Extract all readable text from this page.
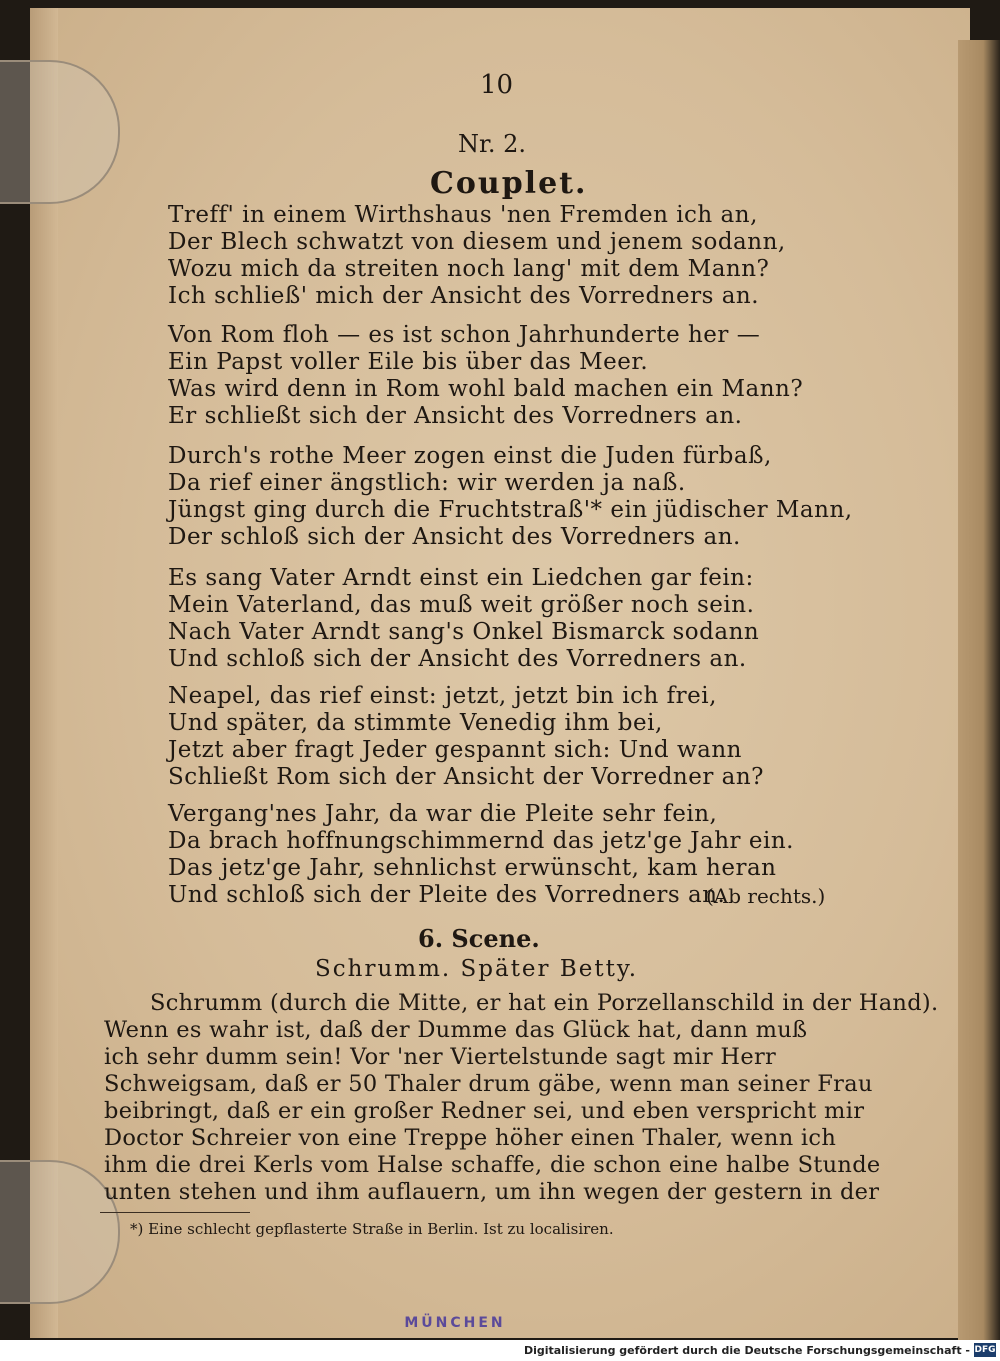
10
Nr. 2.
Couplet.
Treff' in einem Wirthshaus 'nen Fremden ich an,
Der Blech schwatzt von diesem und jenem sodann,
Wozu mich da streiten noch lang' mit dem Mann?
Ich schließ' mich der Ansicht des Vorredners an.
Von Rom floh — es ist schon Jahrhunderte her —
Ein Papst voller Eile bis über das Meer.
Was wird denn in Rom wohl bald machen ein Mann?
Er schließt sich der Ansicht des Vorredners an.
Durch's rothe Meer zogen einst die Juden fürbaß,
Da rief einer ängstlich: wir werden ja naß.
Jüngst ging durch die Fruchtstraß'* ein jüdischer Mann,
Der schloß sich der Ansicht des Vorredners an.
Es sang Vater Arndt einst ein Liedchen gar fein:
Mein Vaterland, das muß weit größer noch sein.
Nach Vater Arndt sang's Onkel Bismarck sodann
Und schloß sich der Ansicht des Vorredners an.
Neapel, das rief einst: jetzt, jetzt bin ich frei,
Und später, da stimmte Venedig ihm bei,
Jetzt aber fragt Jeder gespannt sich: Und wann
Schließt Rom sich der Ansicht der Vorredner an?
Vergang'nes Jahr, da war die Pleite sehr fein,
Da brach hoffnungschimmernd das jetz'ge Jahr ein.
Das jetz'ge Jahr, sehnlichst erwünscht, kam heran
Und schloß sich der Pleite des Vorredners an.
(Ab rechts.)
6. Scene.
Schrumm. Später Betty.
Schrumm (durch die Mitte, er hat ein Porzellanschild in der Hand).
Wenn es wahr ist, daß der Dumme das Glück hat, dann muß
ich sehr dumm sein! Vor 'ner Viertelstunde sagt mir Herr
Schweigsam, daß er 50 Thaler drum gäbe, wenn man seiner Frau
beibringt, daß er ein großer Redner sei, und eben verspricht mir
Doctor Schreier von eine Treppe höher einen Thaler, wenn ich
ihm die drei Kerls vom Halse schaffe, die schon eine halbe Stunde
unten stehen und ihm auflauern, um ihn wegen der gestern in der
*) Eine schlecht gepflasterte Straße in Berlin. Ist zu localisiren.
MÜNCHEN
Digitalisierung gefördert durch die Deutsche Forschungsgemeinschaft - DFG
